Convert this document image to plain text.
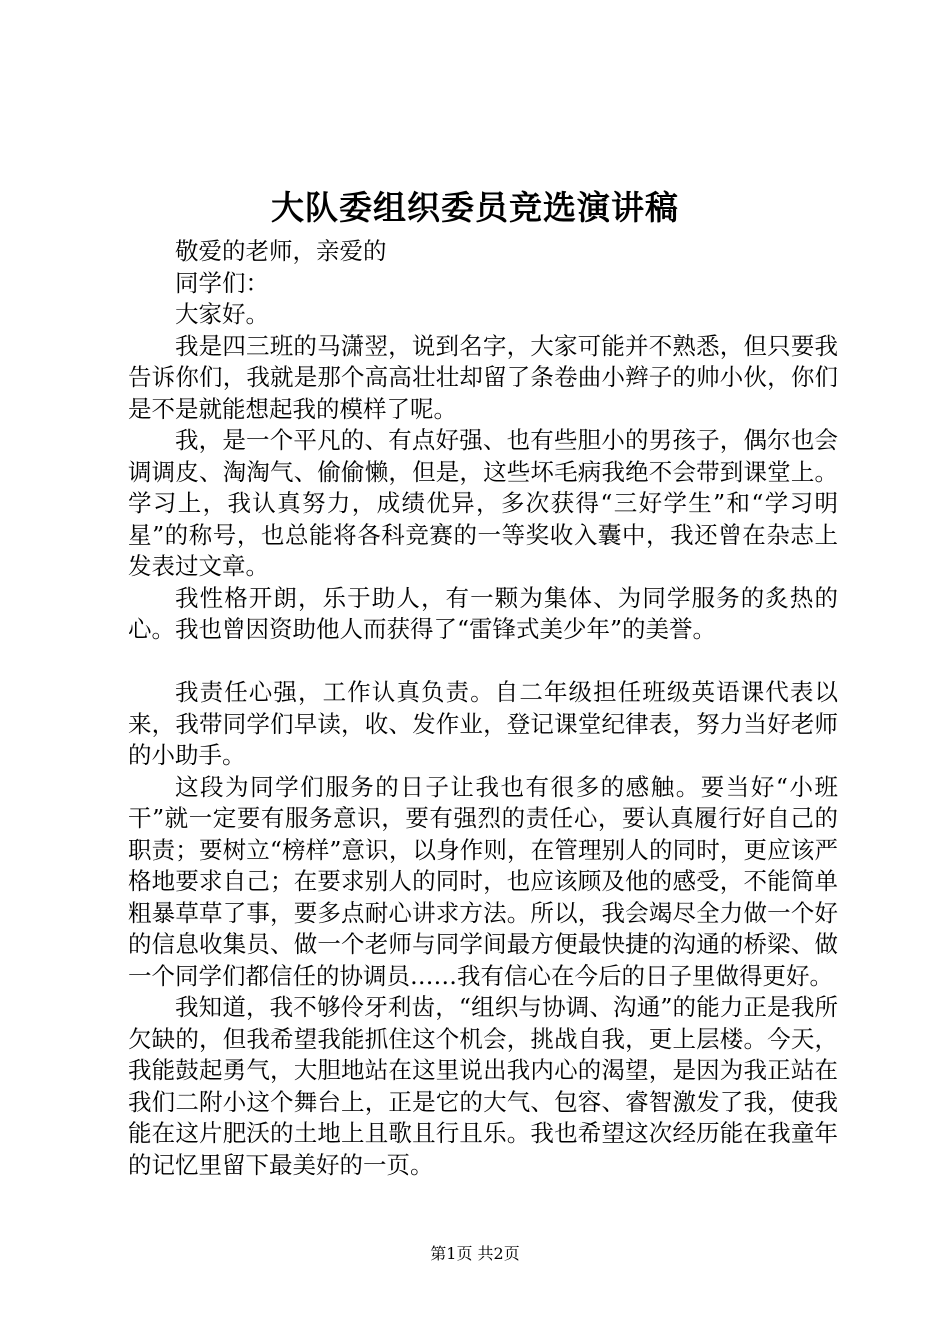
大队委组织委员竞选演讲稿

敬爱的老师，亲爱的

同学们：

大家好。

我是四三班的马潇翌，说到名字，大家可能并不熟悉，但只要我告诉你们，我就是那个高高壮壮却留了条卷曲小辫子的帅小伙，你们是不是就能想起我的模样了呢。

我，是一个平凡的、有点好强、也有些胆小的男孩子，偶尔也会调调皮、淘淘气、偷偷懒，但是，这些坏毛病我绝不会带到课堂上。学习上，我认真努力，成绩优异，多次获得“三好学生”和“学习明星”的称号，也总能将各科竞赛的一等奖收入囊中，我还曾在杂志上发表过文章。

我性格开朗，乐于助人，有一颗为集体、为同学服务的炙热的心。我也曾因资助他人而获得了“雷锋式美少年”的美誉。

我责任心强，工作认真负责。自二年级担任班级英语课代表以来，我带同学们早读，收、发作业，登记课堂纪律表，努力当好老师的小助手。

这段为同学们服务的日子让我也有很多的感触。要当好“小班干”就一定要有服务意识，要有强烈的责任心，要认真履行好自己的职责；要树立“榜样”意识，以身作则，在管理别人的同时，更应该严格地要求自己；在要求别人的同时，也应该顾及他的感受，不能简单粗暴草草了事，要多点耐心讲求方法。所以，我会竭尽全力做一个好的信息收集员、做一个老师与同学间最方便最快捷的沟通的桥梁、做一个同学们都信任的协调员……我有信心在今后的日子里做得更好。

我知道，我不够伶牙利齿，“组织与协调、沟通”的能力正是我所欠缺的，但我希望我能抓住这个机会，挑战自我，更上层楼。今天，我能鼓起勇气，大胆地站在这里说出我内心的渴望，是因为我正站在我们二附小这个舞台上，正是它的大气、包容、睿智激发了我，使我能在这片肥沃的土地上且歌且行且乐。我也希望这次经历能在我童年的记忆里留下最美好的一页。

第1页 共2页
